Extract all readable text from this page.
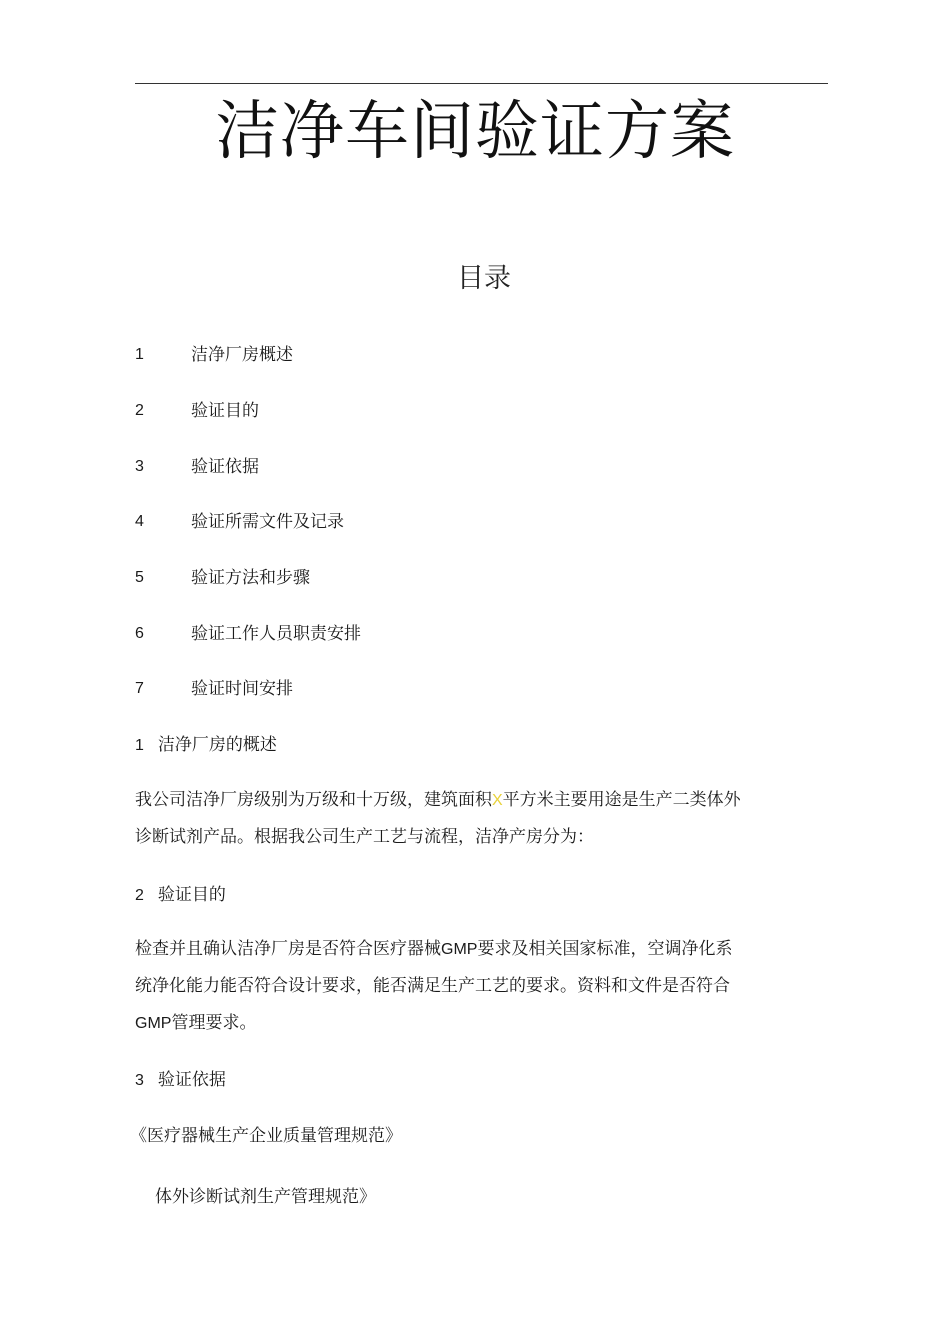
洁净车间验证方案
目录
1	洁净厂房概述
2	验证目的
3	验证依据
4	验证所需文件及记录
5	验证方法和步骤
6	验证工作人员职责安排
7	验证时间安排
1 洁净厂房的概述
我公司洁净厂房级别为万级和十万级，建筑面积X平方米主要用途是生产二类体外
诊断试剂产品。根据我公司生产工艺与流程，洁净产房分为：
2 验证目的
检查并且确认洁净厂房是否符合医疗器械GMP要求及相关国家标准，空调净化系
统净化能力能否符合设计要求，能否满足生产工艺的要求。资料和文件是否符合
GMP管理要求。
3 验证依据
《医疗器械生产企业质量管理规范》
体外诊断试剂生产管理规范》
